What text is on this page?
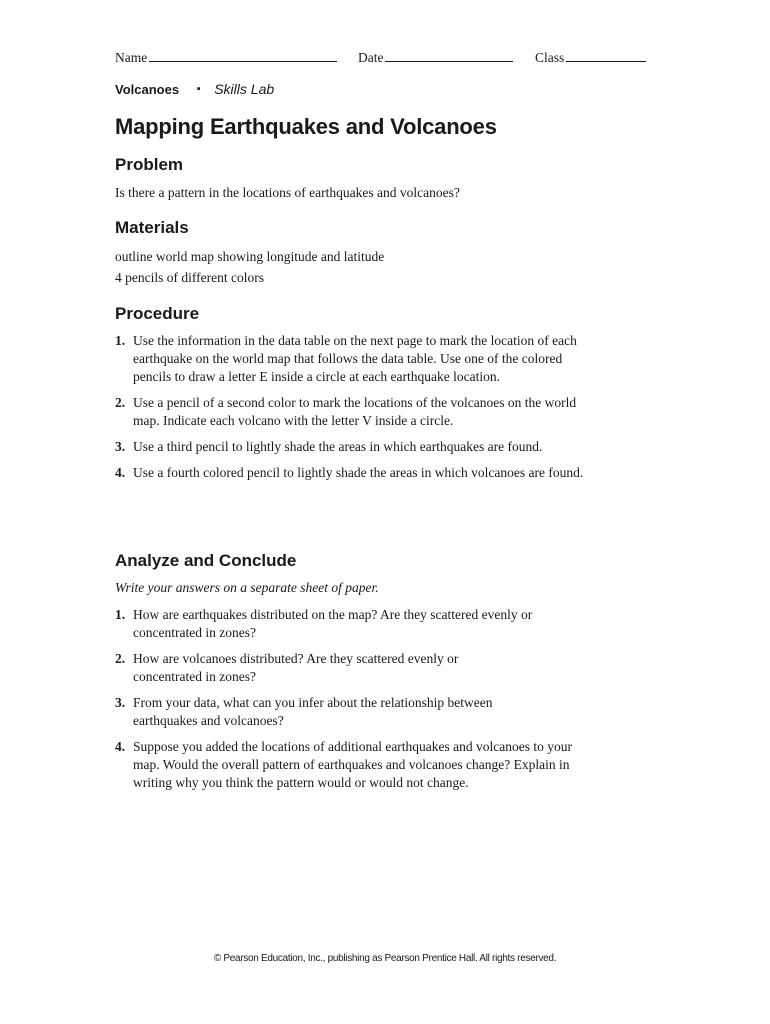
Name	Date	Class
Volcanoes ▪ Skills Lab
Mapping Earthquakes and Volcanoes
Problem

Is there a pattern in the locations of earthquakes and volcanoes?

Materials

outline world map showing longitude and latitude

4 pencils of different colors

Procedure
1. Use the information in the data table on the next page to mark the location of each earthquake on the world map that follows the data table. Use one of the colored pencils to draw a letter E inside a circle at each earthquake location.
2. Use a pencil of a second color to mark the locations of the volcanoes on the world map. Indicate each volcano with the letter V inside a circle.
3. Use a third pencil to lightly shade the areas in which earthquakes are found.
4. Use a fourth colored pencil to lightly shade the areas in which volcanoes are found.
Analyze and Conclude

Write your answers on a separate sheet of paper.

1. How are earthquakes distributed on the map? Are they scattered evenly or concentrated in zones?
2. How are volcanoes distributed? Are they scattered evenly or concentrated in zones?
3. From your data, what can you infer about the relationship between earthquakes and volcanoes?
4. Suppose you added the locations of additional earthquakes and volcanoes to your map. Would the overall pattern of earthquakes and volcanoes change? Explain in writing why you think the pattern would or would not change.
© Pearson Education, Inc., publishing as Pearson Prentice Hall. All rights reserved.
